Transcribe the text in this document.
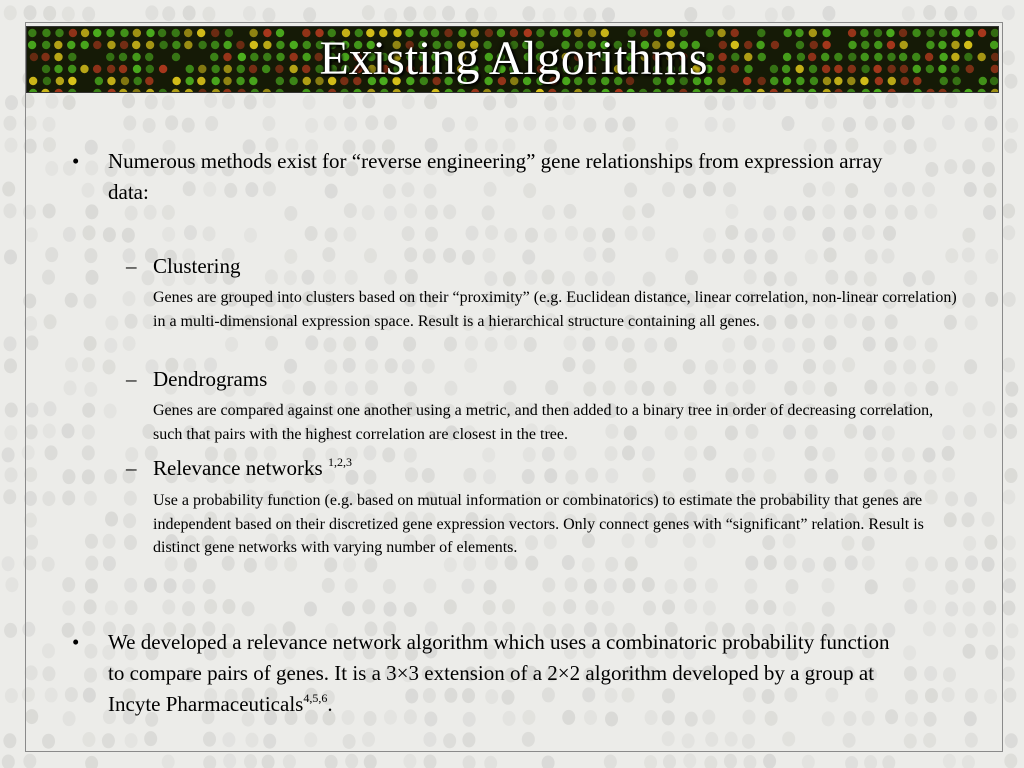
Existing Algorithms
•	Numerous methods exist for “reverse engineering” gene relationships from expression array data:
– Clustering
Genes are grouped into clusters based on their “proximity” (e.g. Euclidean distance, linear correlation, non-linear correlation) in a multi-dimensional expression space. Result is a hierarchical structure containing all genes.
– Dendrograms
Genes are compared against one another using a metric, and then added to a binary tree in order of decreasing correlation, such that pairs with the highest correlation are closest in the tree.
– Relevance networks $^{1,2,3}$
Use a probability function (e.g. based on mutual information or combinatorics) to estimate the probability that genes are independent based on their discretized gene expression vectors. Only connect genes with “significant” relation. Result is distinct gene networks with varying number of elements.
•	We developed a relevance network algorithm which uses a combinatoric probability function to compare pairs of genes. It is a 3×3 extension of a 2×2 algorithm developed by a group at Incyte Pharmaceuticals$^{4,5,6}$.
